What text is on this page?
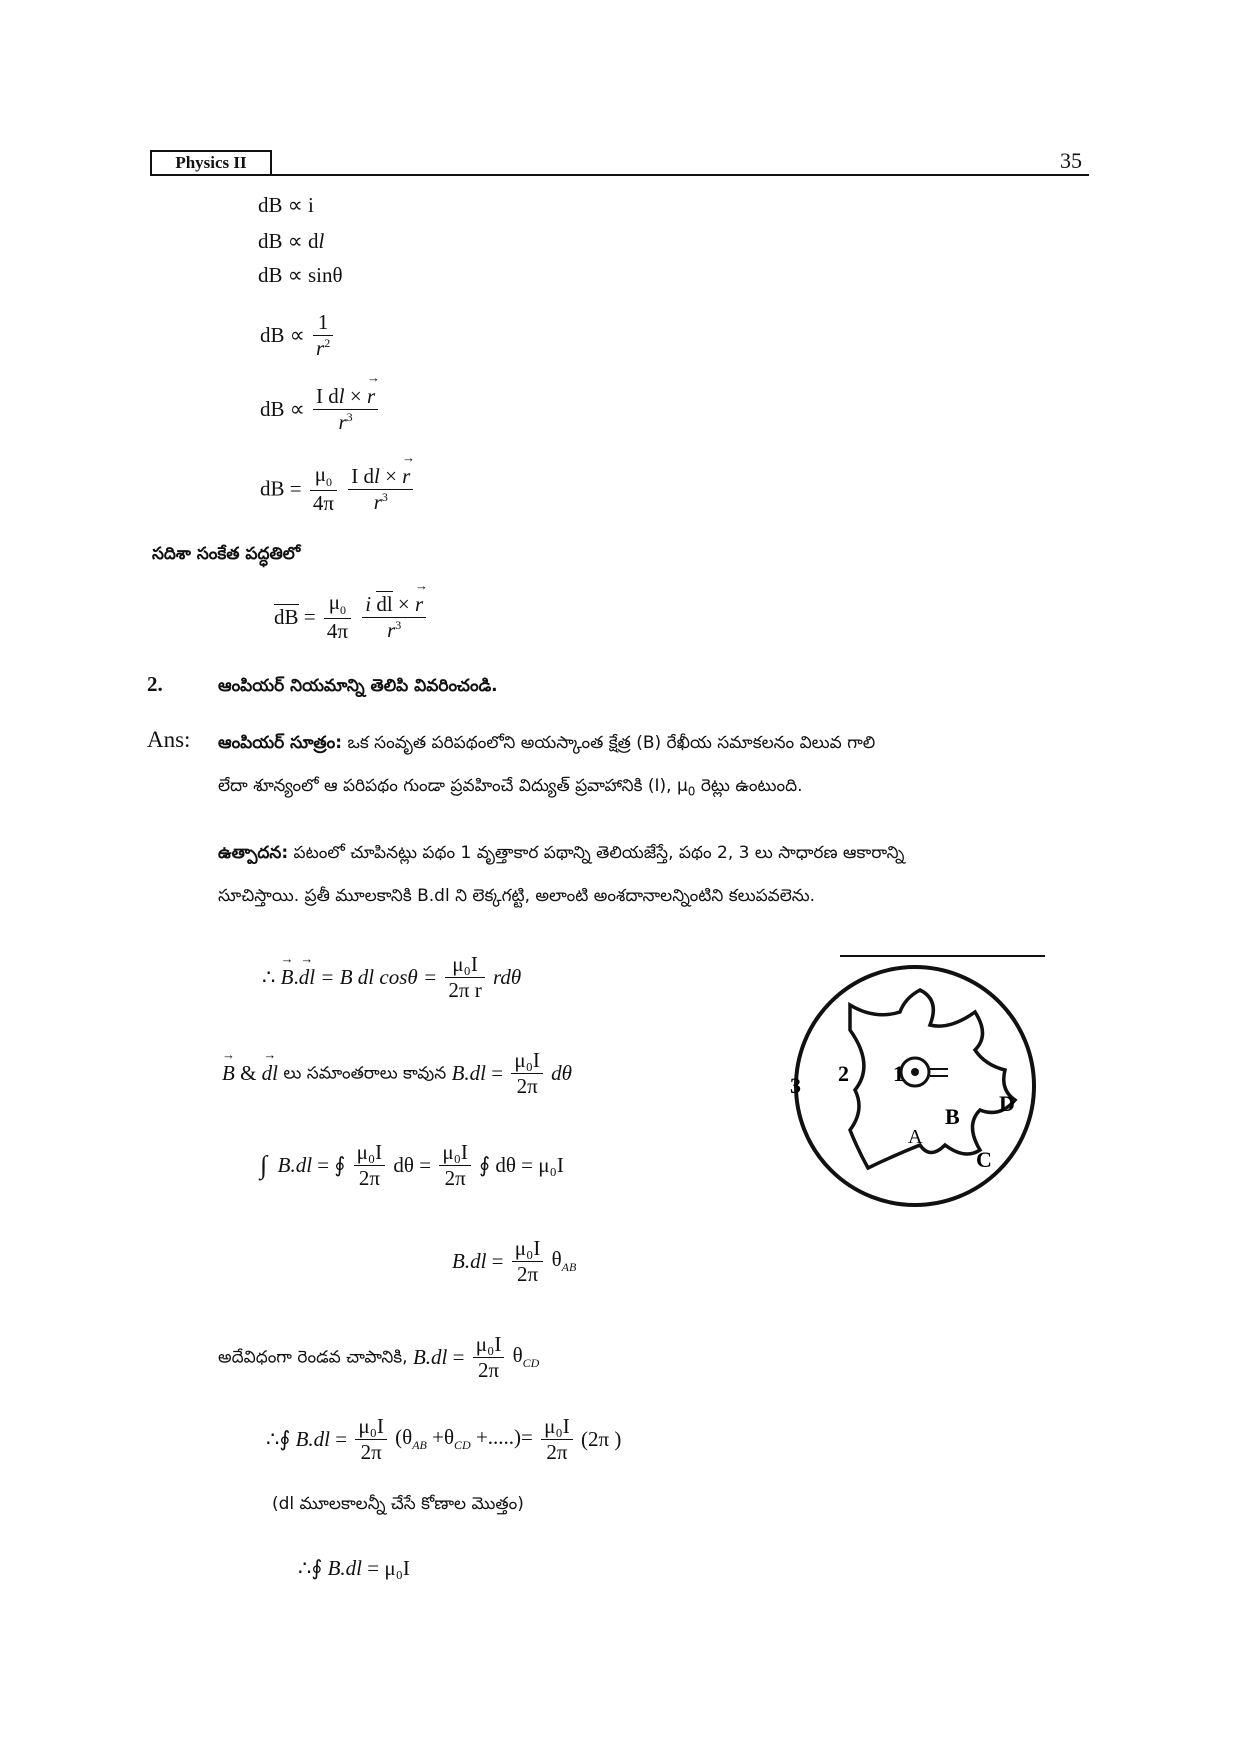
Physics II	35
dB ∝ i
dB ∝ dl
dB ∝ sinθ
dB ∝ $\frac{1}{r^2}$
dB ∝ $\frac{\text{I dl × → r}}{r^3}$
dB = $\frac{\mu_0}{4\pi}$
$\frac{\text{I dl × → r}}{r^3}$
సదిశా సంకేత పద్ధతిలో
dB = $\frac{\mu_0}{4\pi}$
$\frac{\text{i dl × → r}}{r^3}$
2.	ఆంపియర్ నియమాన్ని తెలిపి వివరించండి.
Ans: ఆంపియర్ సూత్రం: ఒక సంవృత పరిపథంలోని అయస్కాంత క్షేత్ర (B) రేఖీయ సమాకలనం విలువ గాలి
లేదా శూన్యంలో ఆ పరిపథం గుండా ప్రవహించే విద్యుత్ ప్రవాహానికి (I), $\mu_0$ రెట్లు ఉంటుంది.
ఉత్పాదన: పటంలో చూపినట్లు పథం 1 వృత్తాకార పథాన్ని తెలియజేస్తే, పథం 2, 3 లు సాధారణ ఆకారాన్ని
సూచిస్తాయి. ప్రతీ మూలకానికి B.dl ని లెక్కగట్టి, అలాంటి అంశదానాలన్నింటిని కలుపవలెను.
∴ → B.→ dl = B dl $\cos\theta = \frac{\text{μ₀I}}{\text{2π r}}$ rdθ
→ B & → dl లు సమాంతరాలు కావున $B.dl = \frac{\text{μ₀I}}{2\pi}$ dθ
∫ B.dl = ∮ $\frac{\text{μ₀I}}{2\pi}$ $d\theta = \frac{\text{μ₀I}}{2\pi}$ ∮ dθ = μ₀I
$B.dl = \frac{\text{μ₀I}}{2\pi} \theta_{AB}$
అదేవిధంగా రెండవ చాపానికి, $B.dl = \frac{\text{μ₀I}}{2\pi} \theta_{CD}$
∴∮ $B.dl = \frac{\text{μ₀I}}{2\pi} (\theta_{AB} +\theta_{CD}$ +.....)= $\frac{\text{μ₀I}}{2\pi} (2\pi$ )
(dl మూలకాలన్నీ చేసే కోణాల మొత్తం)
∴∮ B.dl = μ₀I
1
2
3
A
B
C
D
